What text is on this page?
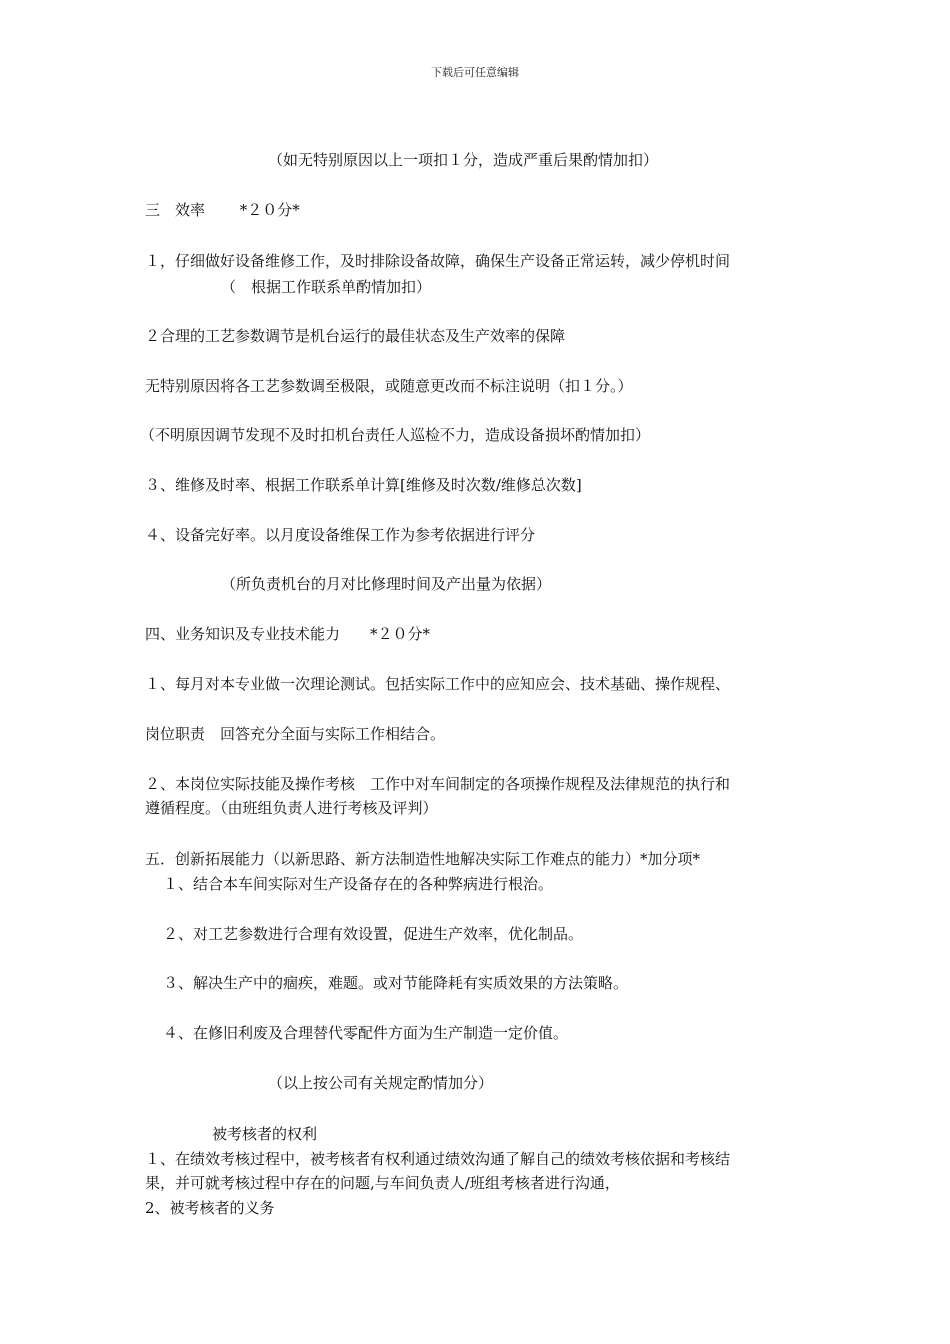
下载后可任意编辑
（如无特别原因以上一项扣１分，造成严重后果酌情加扣）
三　效率　　 *２０分*
１，仔细做好设备维修工作，及时排除设备故障，确保生产设备正常运转，减少停机时间
（　根据工作联系单酌情加扣）
２合理的工艺参数调节是机台运行的最佳状态及生产效率的保障
无特别原因将各工艺参数调至极限，或随意更改而不标注说明（扣１分。）
（不明原因调节发现不及时扣机台责任人巡检不力，造成设备损坏酌情加扣）
３、维修及时率、根据工作联系单计算[维修及时次数/维修总次数]
４、设备完好率。以月度设备维保工作为参考依据进行评分
（所负责机台的月对比修理时间及产出量为依据）
四、业务知识及专业技术能力　　*２０分*
１、每月对本专业做一次理论测试。包括实际工作中的应知应会、技术基础、操作规程、
岗位职责　回答充分全面与实际工作相结合。
２、本岗位实际技能及操作考核　工作中对车间制定的各项操作规程及法律规范的执行和
遵循程度。（由班组负责人进行考核及评判）
五．创新拓展能力（以新思路、新方法制造性地解决实际工作难点的能力）*加分项*
１、结合本车间实际对生产设备存在的各种弊病进行根治。
２、对工艺参数进行合理有效设置，促进生产效率，优化制品。
３、解决生产中的痼疾，难题。或对节能降耗有实质效果的方法策略。
４、在修旧利废及合理替代零配件方面为生产制造一定价值。
（以上按公司有关规定酌情加分）
被考核者的权利
１、在绩效考核过程中，被考核者有权利通过绩效沟通了解自己的绩效考核依据和考核结
果，并可就考核过程中存在的问题,与车间负责人/班组考核者进行沟通，
2、被考核者的义务
